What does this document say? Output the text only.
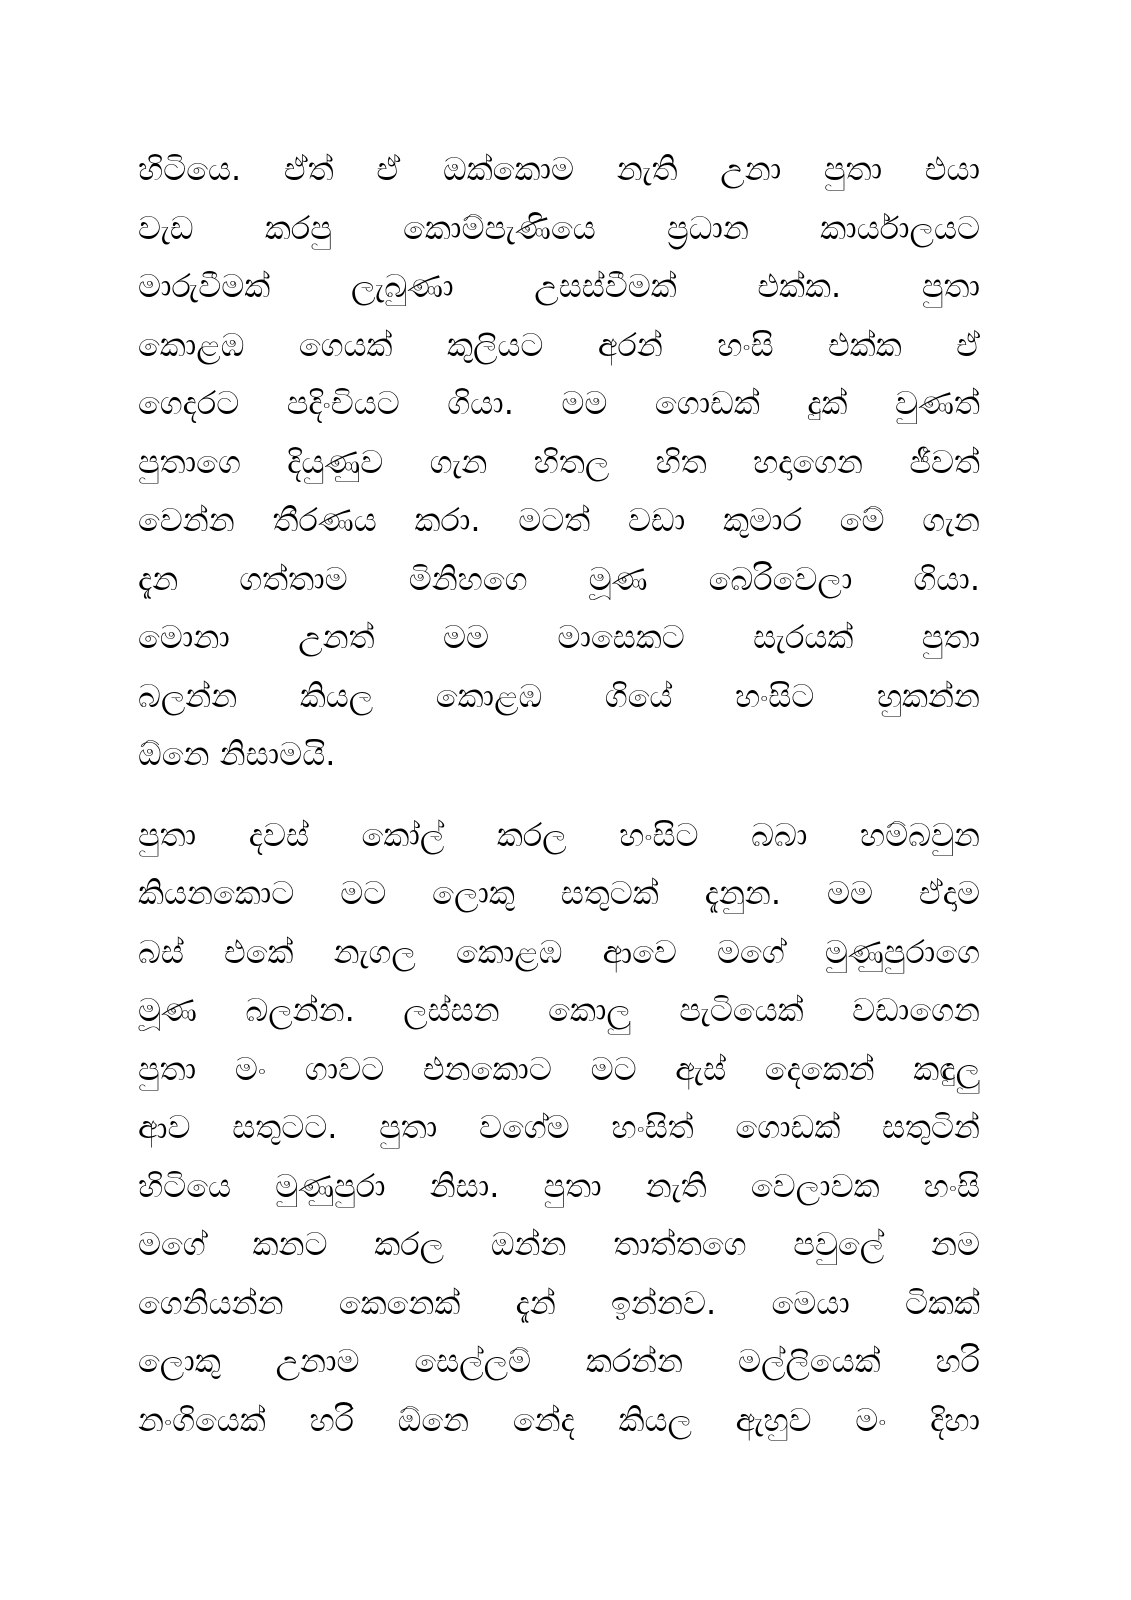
හිටියෙ. ඒත් ඒ ඔක්කොම නැති උනා පුතා එයා
වැඩ කරපු කොම්පැණියෙ ප්‍රධාන කාර්යාලයට
මාරුවීමක් ලැබුණා උසස්වීමක් එක්ක. පුතා
කොළඹ ගෙයක් කුලියට අරන් හංසි එක්ක ඒ
ගෙදරට පදිංචියට ගියා. මම ගොඩක් දුක් වුණත්
පුතාගෙ දියුණුව ගැන හිතල හිත හදාගෙන ජීවත්
වෙන්න තීරණය කරා. මටත් වඩා කුමාර මේ ගැන
දැන ගත්තාම මිනිහගෙ මූණ බෙරිවෙලා ගියා.
මොනා උනත් මම මාසෙකට සැරයක් පුතා
බලන්න කියල කොළඹ ගියේ හංසිට හුකන්න
ඕනෙ නිසාමයි.

පුතා දවස් කෝල් කරල හංසිට බබා හම්බවුන
කියනකොට මට ලොකු සතුටක් දැනුන. මම ඒදාම
බස් එකේ නැගල කොළඹ ආවෙ මගේ මුණුපුරාගෙ
මූණ බලන්න. ලස්සන කොලු පැටියෙක් වඩාගෙන
පුතා මං ගාවට එනකොට මට ඇස් දෙකෙන් කඳුලු
ආව සතුටට. පුතා වගේම හංසිත් ගොඩක් සතුටින්
හිටියෙ මුණුපුරා නිසා. පුතා නැති වෙලාවක හංසි
මගේ කනට කරල ඔන්න තාත්තගෙ පවුලේ නම
ගෙනියන්න කෙනෙක් දැන් ඉන්නව. මෙයා ටිකක්
ලොකු උනාම සෙල්ලම් කරන්න මල්ලියෙක් හරි
නංගියෙක් හරි ඕනෙ නේද කියල ඇහුව මං දිහා
